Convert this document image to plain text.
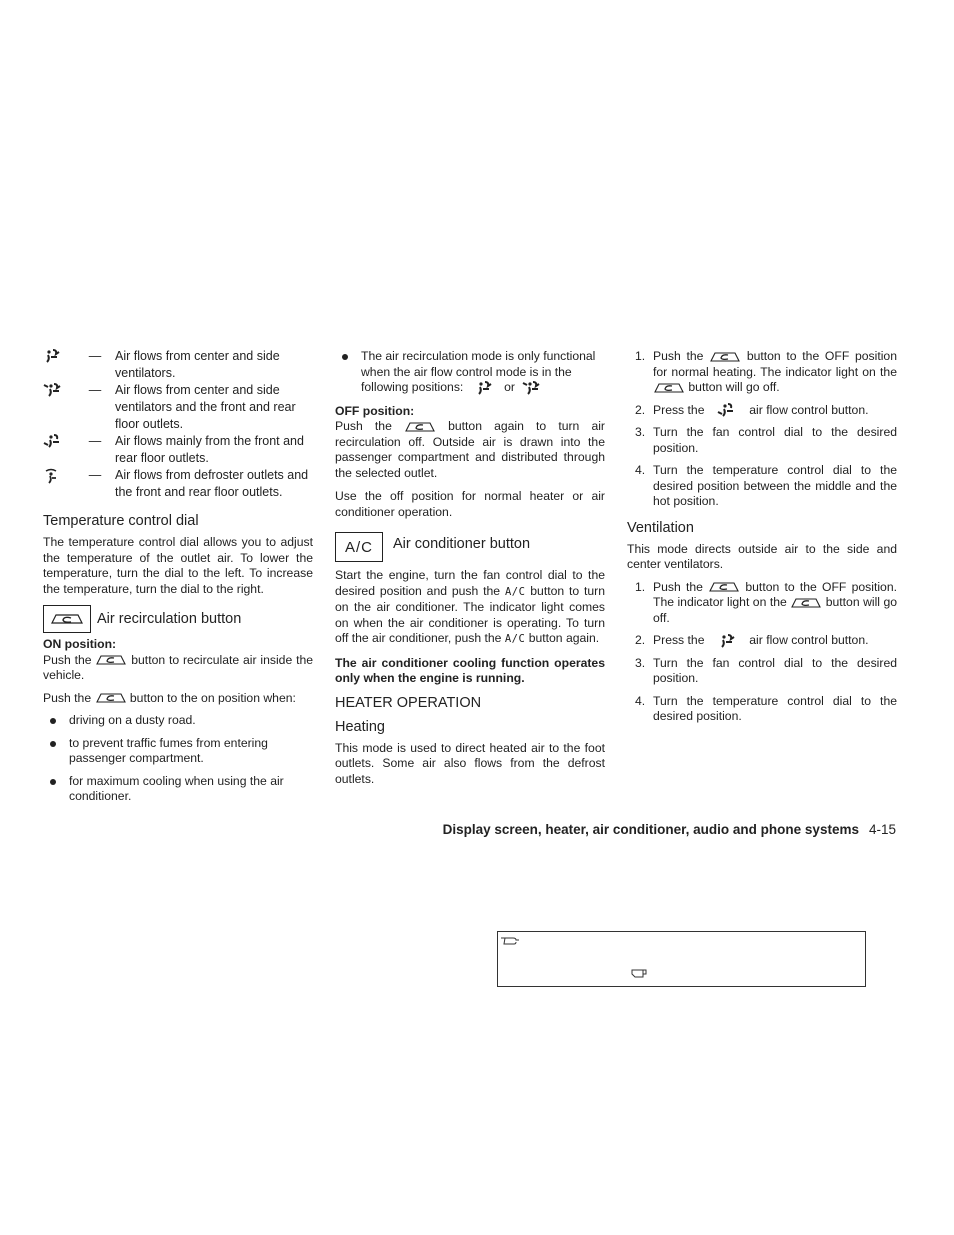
—	Air flows from center and side ventilators.
—	Air flows from center and side ventilators and the front and rear floor outlets.
—	Air flows mainly from the front and rear floor outlets.
—	Air flows from defroster outlets and the front and rear floor outlets.
Temperature control dial

The temperature control dial allows you to adjust the temperature of the outlet air. To lower the temperature, turn the dial to the left. To increase the temperature, turn the dial to the right.

Air recirculation button

ON position:

Push the	button to recirculate air inside the vehicle.

Push the	button to the on position when:

driving on a dusty road.
to prevent traffic fumes from entering passenger compartment.
for maximum cooling when using the air conditioner.
The air recirculation mode is only functional when the air flow control mode is in the following positions:	or

OFF position:

Push the	button again to turn air recirculation off. Outside air is drawn into the passenger compartment and distributed through the selected outlet.

Use the off position for normal heater or air conditioner operation.

A/C	Air conditioner button

Start the engine, turn the fan control dial to the desired position and push the A/C button to turn on the air conditioner. The indicator light comes on when the air conditioner is operating. To turn off the air conditioner, push the A/C button again.

The air conditioner cooling function operates only when the engine is running.

HEATER OPERATION
Heating

This mode is used to direct heated air to the foot outlets. Some air also flows from the defrost outlets.

1. Push the	button to the OFF position for normal heating. The indicator light on the  button will go off.
2. Press the	air flow control button.
3. Turn the fan control dial to the desired position.
4. Turn the temperature control dial to the desired position between the middle and the hot position.
Ventilation

This mode directs outside air to the side and center ventilators.

1. Push the	button to the OFF position. The indicator light on the	button will go off.
2. Press the	air flow control button.
3. Turn the fan control dial to the desired position.
4. Turn the temperature control dial to the desired position.
Display screen, heater, air conditioner, audio and phone systems 4-15
